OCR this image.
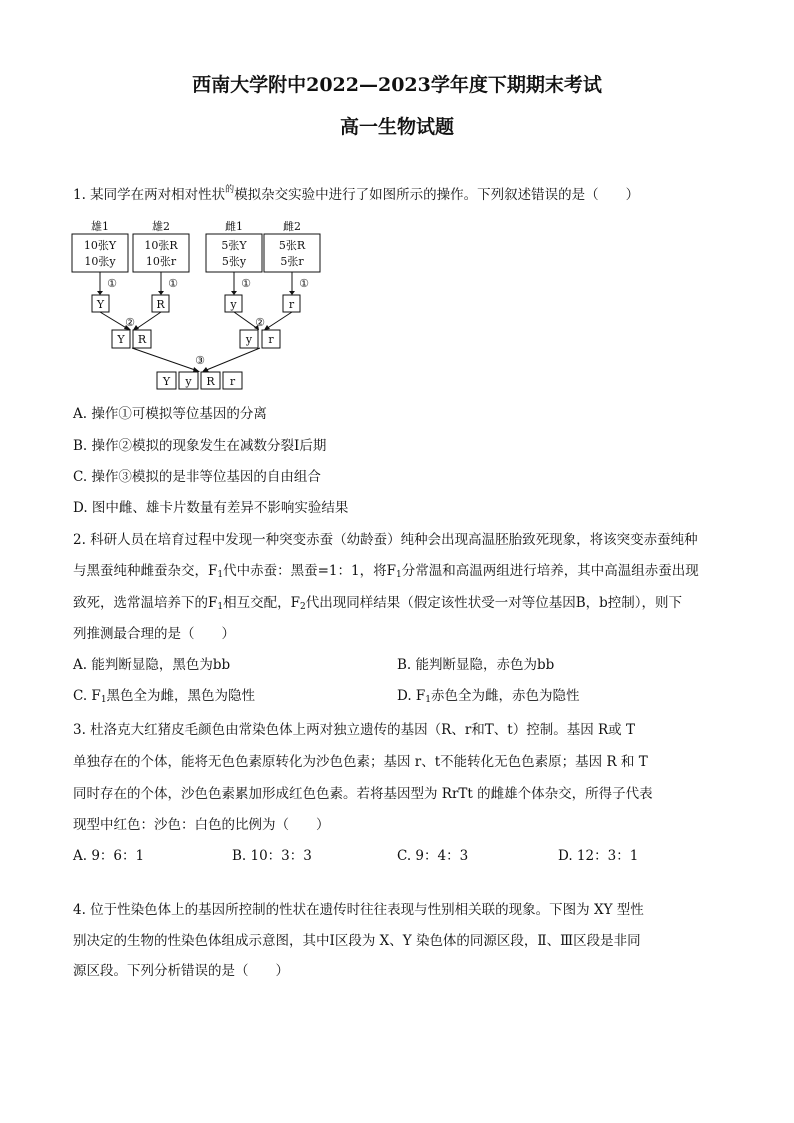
西南大学附中2022—2023学年度下期期末考试
高一生物试题
1. 某同学在两对相对性状$^的$模拟杂交实验中进行了如图所示的操作。下列叙述错误的是（　　）
雄1	雄2	雌1	雌2
10张Y
10张y
10张R
10张r
5张Y
5张y
5张R
5张r
①	①	①	①
Y	R	y	r
②	②
Y R	y r
③
Y y R r
A. 操作①可模拟等位基因的分离
B. 操作②模拟的现象发生在减数分裂Ⅰ后期
C. 操作③模拟的是非等位基因的自由组合
D. 图中雌、雄卡片数量有差异不影响实验结果
2. 科研人员在培育过程中发现一种突变赤蚕（幼龄蚕）纯种会出现高温胚胎致死现象，将该突变赤蚕纯种
与黑蚕纯种雌蚕杂交，$F_1$代中赤蚕：黑蚕=1：1，将$F_1$分常温和高温两组进行培养，其中高温组赤蚕出现
致死，选常温培养下的$F_1$相互交配，$F_2$代出现同样结果（假定该性状受一对等位基因B，b控制），则下
列推测最合理的是（　　）
A. 能判断显隐，黑色为bb	B. 能判断显隐，赤色为bb
C. $F_1$黑色全为雌，黑色为隐性	D. $F_1$赤色全为雌，赤色为隐性
3. 杜洛克大红猪皮毛颜色由常染色体上两对独立遗传的基因（R、r和T、t）控制。基因 R或 T
单独存在的个体，能将无色色素原转化为沙色色素；基因 r、t不能转化无色色素原；基因 R 和 T
同时存在的个体，沙色色素累加形成红色色素。若将基因型为 RrTt 的雌雄个体杂交，所得子代表
现型中红色：沙色：白色的比例为（　　）
A. 9：6：1	B. 10：3：3	C. 9：4：3	D. 12：3：1
4. 位于性染色体上的基因所控制的性状在遗传时往往表现与性别相关联的现象。下图为 XY 型性
别决定的生物的性染色体组成示意图，其中Ⅰ区段为 X、Y 染色体的同源区段，Ⅱ、Ⅲ区段是非同
源区段。下列分析错误的是（　　）
